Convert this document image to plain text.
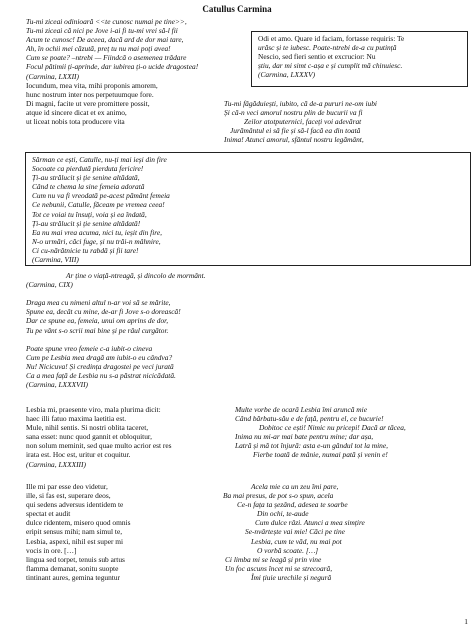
Catullus Carmina
Tu-mi ziceai odinioară <<te cunosc numai pe tine>>,
Tu-mi ziceai că nici pe Jove i-ai fi tu-mi vrei să-l fii
Acum te cunosc! De aceea, dacă ard de dor mai tare,
Ah, în ochii mei căzută, preț tu nu mai poți avea!
Cum se poate? –ntrebi — Fiindcă o asemenea trădare
Focul pătimii ți-aprinde, dar iubirea ți-o ucide dragostea!
(Carmina, LXXII)
Iocundum, mea vita, mihi proponis amorem,
hunc nostrum inter nos perpetuumque fore.
Di magni, facite ut vere promittere possit,
atque id sincere dicat et ex animo,
ut liceat nobis tota producere vita
Odi et amo. Quare id faciam, fortasse requiris: Te
urăsc și te iubesc. Poate-ntrebi de-a cu putință
Nescio, sed fieri sentio et excrucior: Nu
știu, dar mi simt c-așa e și cumplit mă chinuiesc.
(Carmina, LXXXV)
Tu-mi făgăduiești, iubito, că de-a pururi ne-om iubi
Și că-n veci amorul nostru plin de bucurii va fi
Zeilor atotputernici, faceți voi adevărat
Jurământul ei să fie și să-l facă ea din toată
Inima! Atunci amorul, sfântul nostru legământ,
Sărman ce ești, Catulle, nu-ți mai ieși din fire
Socoate ca pierdută pierduta fericire!
Ți-au strălucit și ție senine altădată,
Când te chema la sine femeia adorată
Cum nu va fi vreodată pe-acest pământ femeia
Ce nebunii, Catulle, făceam pe vremea ceea!
Tot ce voiai tu însuți, voia și ea îndată,
Ți-au strălucit și ție senine altădată!
Ea nu mai vrea acuma, nici tu, ieșit din fire,
N-o urmări, căci fuge, și nu trăi-n mâhnire,
Ci cu-nărătnicie tu rabdă și fii tare!
(Carmina, VIII)
Ar ține o viață-ntreagă, și dincolo de mormânt.
(Carmina, CIX)

Draga mea cu nimeni altul n-ar voi să se mărite,
Spune ea, decât cu mine, de-ar fi Jove s-o dorească!
Dar ce spune ea, femeia, unui om aprins de dor,
Tu pe vânt s-o scrii mai bine și pe râul curgător.

Poate spune vreo femeie c-a iubit-o cineva
Cum pe Lesbia mea dragă am iubit-o eu cândva?
Nu! Nicicuva! Și credința dragostei pe veci jurată
Ca a mea față de Lesbia nu s-a păstrat nicicădată.
(Carmina, LXXXVII)
Lesbia mi, praesente viro, mala plurima dicit:
haec illi fatuo maxima laetitia est.
Mule, nihil sentis. Si nostri oblita taceret,
sana esset: nunc quod gannit et obloquitur,
non solum meminit, sed quae multo acrior est res
irata est. Hoc est, uritur et coquitur.
(Carmina, LXXXIII)
Multe vorbe de ocară Lesbia îmi aruncă mie
Când bărbatu-său e de față, pentru el, ce bucurie!
Dobitoc ce ești! Nimic nu pricepi! Dacă ar tăcea,
Inima nu mi-ar mai bate pentru mine; dar așa,
Latră și mă tot înjură: asta e-un gândul tot la mine,
Fierbe toată de mânie, numai pată și venin e!
Ille mi par esse deo videtur,
ille, si fas est, superare deos,
qui sedens adversus identidem te
spectat et audit
dulce ridentem, misero quod omnis
eripit sensus mihi; nam simul te,
Lesbia, aspexi, nihil est super mi
vocis in ore. […]
lingua sed torpet, tenuis sub artus
flamma demanat, sonitu suopte
tintinant aures, gemina teguntur
Acela mie ca un zeu îmi pare,
Ba mai presus, de pot s-o spun, acela
Ce-n fața ta șezând, adesea te soarbe
Din ochi, te-aude
Cum dulce râzi. Atunci a mea simțire
Se-nvârtește vai mie! Căci pe tine
Lesbia, cum te văd, nu mai pot
O vorbă scoate. […]
Ci limba mi se leagă și prin vine
Un foc ascuns încet mi se strecoară,
Îmi țiuie urechile și negură
1
